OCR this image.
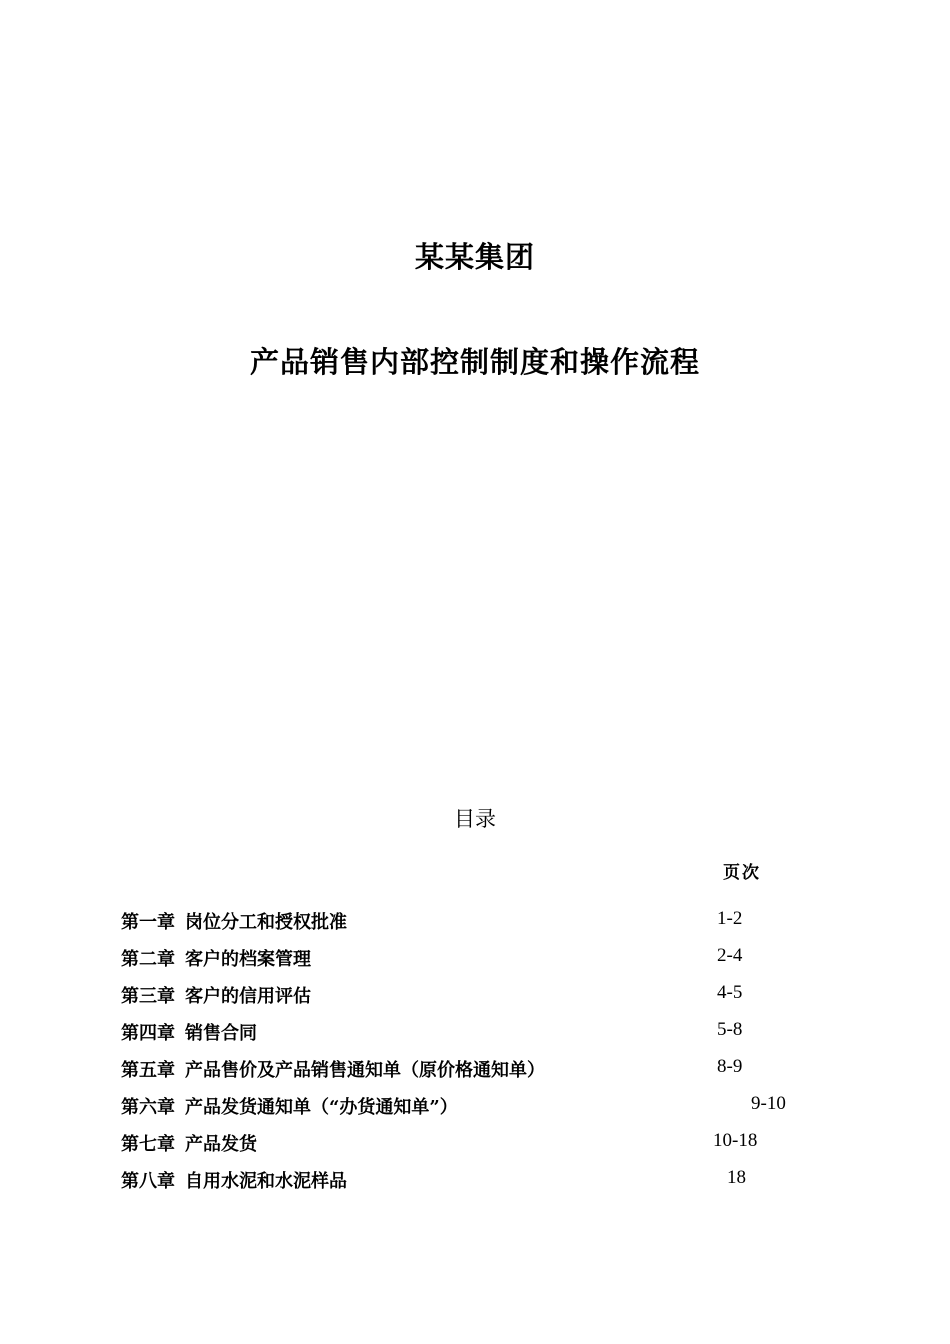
某某集团
产品销售内部控制制度和操作流程
目录
页次
第一章 岗位分工和授权批准	1-2
第二章 客户的档案管理	2-4
第三章 客户的信用评估	4-5
第四章 销售合同	5-8
第五章 产品售价及产品销售通知单（原价格通知单）	8-9
第六章 产品发货通知单（“办货通知单”）	9-10
第七章 产品发货	10-18
第八章 自用水泥和水泥样品	18
